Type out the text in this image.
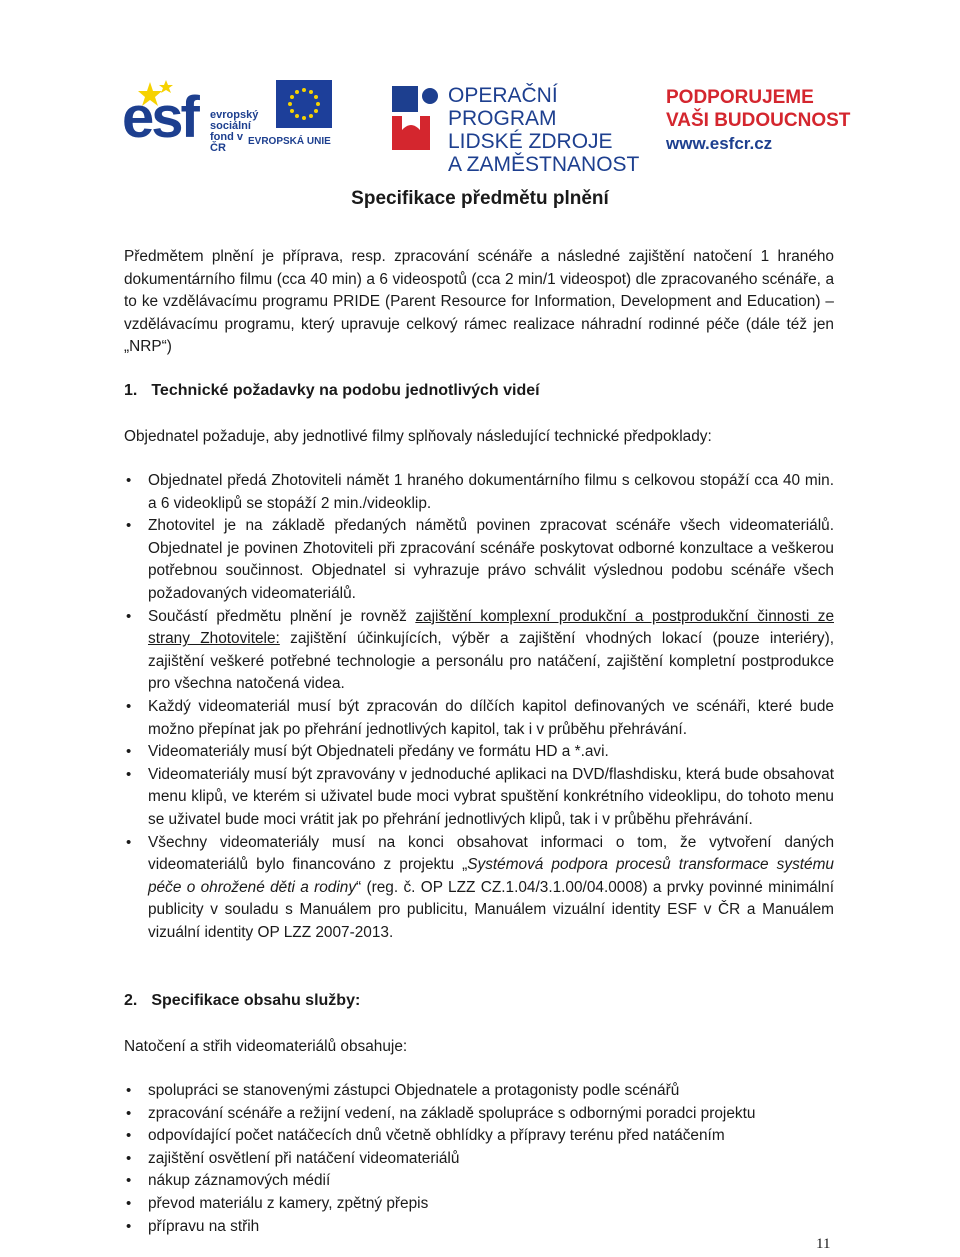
esf evropský
sociální
fond v ČR
EVROPSKÁ UNIE
OPERAČNÍ PROGRAM
LIDSKÉ ZDROJE
A ZAMĚSTNANOST
PODPORUJEME
VAŠI BUDOUCNOST
www.esfcr.cz
Specifikace předmětu plnění
Předmětem plnění je příprava, resp. zpracování scénáře a následné zajištění natočení 1 hraného dokumentárního filmu (cca 40 min) a 6 videospotů (cca 2 min/1 videospot) dle zpracovaného scénáře, a to ke vzdělávacímu programu PRIDE (Parent Resource for Information, Development and Education) – vzdělávacímu programu, který upravuje celkový rámec realizace náhradní rodinné péče (dále též jen „NRP“)
1. Technické požadavky na podobu jednotlivých videí
Objednatel požaduje, aby jednotlivé filmy splňovaly následující technické předpoklady:
• Objednatel předá Zhotoviteli námět 1 hraného dokumentárního filmu s celkovou stopáží cca 40 min. a 6 videoklipů se stopáží 2 min./videoklip.
• Zhotovitel je na základě předaných námětů povinen zpracovat scénáře všech videomateriálů. Objednatel je povinen Zhotoviteli při zpracování scénáře poskytovat odborné konzultace a veškerou potřebnou součinnost. Objednatel si vyhrazuje právo schválit výslednou podobu scénáře všech požadovaných videomateriálů.
• Součástí předmětu plnění je rovněž zajištění komplexní produkční a postprodukční činnosti ze strany Zhotovitele: zajištění účinkujících, výběr a zajištění vhodných lokací (pouze interiéry), zajištění veškeré potřebné technologie a personálu pro natáčení, zajištění kompletní postprodukce pro všechna natočená videa.
• Každý videomateriál musí být zpracován do dílčích kapitol definovaných ve scénáři, které bude možno přepínat jak po přehrání jednotlivých kapitol, tak i v průběhu přehrávání.
• Videomateriály musí být Objednateli předány ve formátu HD a *.avi.
• Videomateriály musí být zpravovány v jednoduché aplikaci na DVD/flashdisku, která bude obsahovat menu klipů, ve kterém si uživatel bude moci vybrat spuštění konkrétního videoklipu, do tohoto menu se uživatel bude moci vrátit jak po přehrání jednotlivých klipů, tak i v průběhu přehrávání.
• Všechny videomateriály musí na konci obsahovat informaci o tom, že vytvoření daných videomateriálů bylo financováno z projektu „Systémová podpora procesů transformace systému péče o ohrožené děti a rodiny“ (reg. č. OP LZZ CZ.1.04/3.1.00/04.0008) a prvky povinné minimální publicity v souladu s Manuálem pro publicitu, Manuálem vizuální identity ESF v ČR a Manuálem vizuální identity OP LZZ 2007-2013.
2. Specifikace obsahu služby:
Natočení a střih videomateriálů obsahuje:
• spolupráci se stanovenými zástupci Objednatele a protagonisty podle scénářů
• zpracování scénáře a režijní vedení, na základě spolupráce s odbornými poradci projektu
• odpovídající počet natáčecích dnů včetně obhlídky a přípravy terénu před natáčením
• zajištění osvětlení při natáčení videomateriálů
• nákup záznamových médií
• převod materiálu z kamery, zpětný přepis
• přípravu na střih
11
